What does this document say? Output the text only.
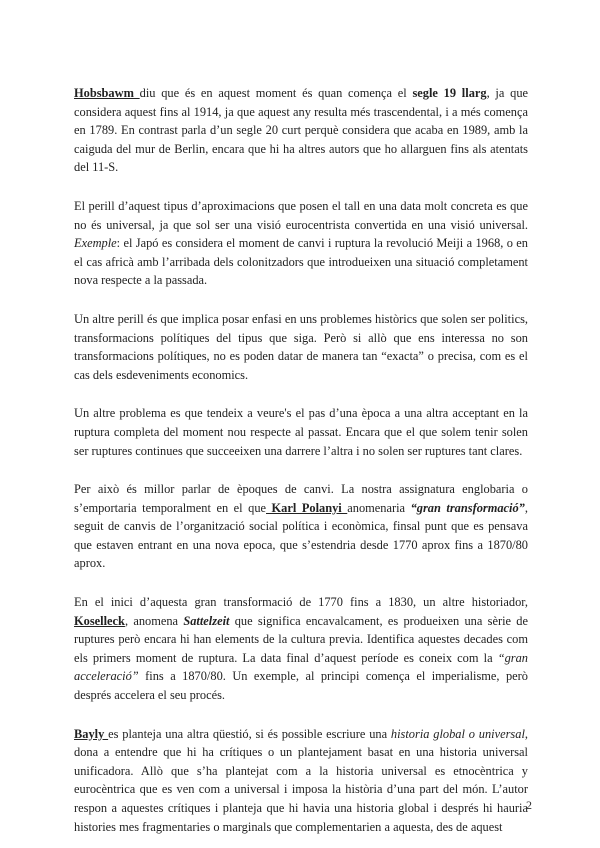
Hobsbawm diu que és en aquest moment és quan comença el segle 19 llarg, ja que considera aquest fins al 1914, ja que aquest any resulta més trascendental, i a més comença en 1789. En contrast parla d’un segle 20 curt perquè considera que acaba en 1989, amb la caiguda del mur de Berlin, encara que hi ha altres autors que ho allarguen fins als atentats del 11-S.

El perill d’aquest tipus d’aproximacions que posen el tall en una data molt concreta es que no és universal, ja que sol ser una visió eurocentrista convertida en una visió universal. Exemple: el Japó es considera el moment de canvi i ruptura la revolució Meiji a 1968, o en el cas africà amb l’arribada dels colonitzadors que introdueixen una situació completament nova respecte a la passada.

Un altre perill és que implica posar enfasi en uns problemes històrics que solen ser politics, transformacions polítiques del tipus que siga. Però si allò que ens interessa no son transformacions polítiques, no es poden datar de manera tan “exacta” o precisa, com es el cas dels esdeveniments economics.

Un altre problema es que tendeix a veure's el pas d’una època a una altra acceptant en la ruptura completa del moment nou respecte al passat. Encara que el que solem tenir solen ser ruptures continues que succeeixen una darrere l’altra i no solen ser ruptures tant clares.

Per això és millor parlar de èpoques de canvi. La nostra assignatura englobaria o s’emportaria temporalment en el que Karl Polanyi anomenaria “gran transformació”, seguit de canvis de l’organització social política i econòmica, finsal punt que es pensava que estaven entrant en una nova epoca, que s’estendria desde 1770 aprox fins a 1870/80 aprox.

En el inici d’aquesta gran transformació de 1770 fins a 1830, un altre historiador, Koselleck, anomena Sattelzeit que significa encavalcament, es produeixen una sèrie de ruptures però encara hi han elements de la cultura previa. Identifica aquestes decades com els primers moment de ruptura. La data final d’aquest període es coneix com la “gran acceleració” fins a 1870/80. Un exemple, al principi comença el imperialisme, però després accelera el seu procés.

Bayly es planteja una altra qüestió, si és possible escriure una historia global o universal, dona a entendre que hi ha crítiques o un plantejament basat en una historia universal unificadora. Allò que s’ha plantejat com a la historia universal es etnocèntrica y eurocèntrica que es ven com a universal i imposa la història d’una part del món. L’autor respon a aquestes crítiques i planteja que hi havia una historia global i després hi hauria histories mes fragmentaries o marginals que complementarien a aquesta, des de aquest

2
